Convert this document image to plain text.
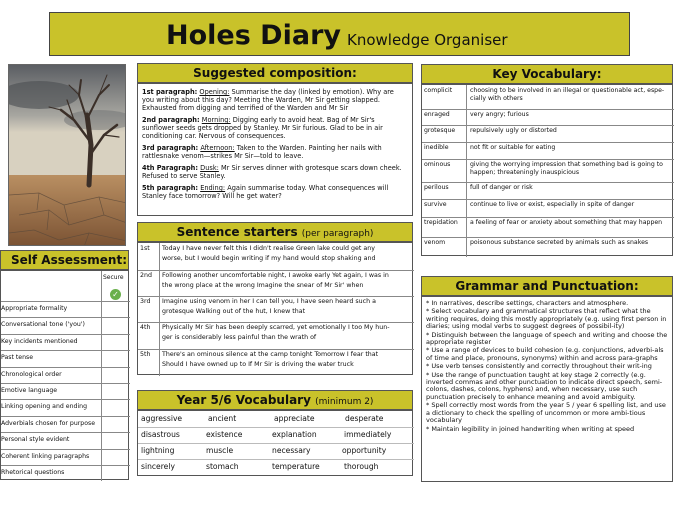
Holes Diary Knowledge Organiser
Suggested composition:

1st paragraph: Opening: Summarise the day (linked by emotion). Why are you writing about this day? Meeting the Warden, Mr Sir getting slapped. Exhausted from digging and terrified of the Warden and Mr Sir

2nd paragraph: Morning: Digging early to avoid heat. Bag of Mr Sir's sunflower seeds gets dropped by Stanley. Mr Sir furious. Glad to be in air conditioning car. Nervous of consequences.

3rd paragraph: Afternoon: Taken to the Warden. Painting her nails with rattlesnake venom—strikes Mr Sir—told to leave.

4th Paragraph: Dusk: Mr Sir serves dinner with grotesque scars down cheek. Refused to serve Stanley.

5th paragraph: Ending: Again summarise today. What consequences will Stanley face tomorrow? Will he get water?

Sentence starters (per paragraph)
1st	Today I have never felt this I didn't realise Green lake could get any
worse, but I would begin writing if my hand would stop shaking and
2nd	Following another uncomfortable night, I awoke early Yet again, I was in
the wrong place at the wrong Imagine the snear of Mr Sir' when
3rd	Imagine using venom in her I can tell you, I have seen heard such a
grotesque Walking out of the hut, I knew that
4th	Physically Mr Sir has been deeply scarred, yet emotionally I too My hun-
ger is considerably less painful than the wrath of
5th	There's an ominous silence at the camp tonight Tomorrow I fear that
Should I have owned up to If Mr Sir is driving the water truck
Year 5/6 Vocabulary (minimum 2)
aggressive	ancient	appreciate	desperate
disastrous	existence	explanation	immediately
lightning	muscle	necessary	opportunity
sincerely	stomach	temperature	thorough
Key Vocabulary:
complicit	choosing to be involved in an illegal or questionable act, espe-cially with others
enraged	very angry; furious
grotesque	repulsively ugly or distorted
inedible	not fit or suitable for eating
ominous	giving the worrying impression that something bad is going to happen; threateningly inauspicious
perilous	full of danger or risk
survive	continue to live or exist, especially in spite of danger
trepidation	a feeling of fear or anxiety about something that may happen
venom	poisonous substance secreted by animals such as snakes
Grammar and Punctuation:

* In narratives, describe settings, characters and atmosphere.

* Select vocabulary and grammatical structures that reflect what the writing requires, doing this mostly appropriately (e.g. using first person in diaries; using modal verbs to suggest degrees of possibil-ity)

* Distinguish between the language of speech and writing and choose the appropriate register

* Use a range of devices to build cohesion (e.g. conjunctions, adverbi-als of time and place, pronouns, synonyms) within and across para-graphs

* Use verb tenses consistently and correctly throughout their writ-ing

* Use the range of punctuation taught at key stage 2 correctly (e.g. inverted commas and other punctuation to indicate direct speech, semi-colons, dashes, colons, hyphens) and, when necessary, use such punctuation precisely to enhance meaning and avoid ambiguity.

* Spell correctly most words from the year 5 / year 6 spelling list, and use a dictionary to check the spelling of uncommon or more ambi-tious vocabulary

* Maintain legibility in joined handwriting when writing at speed

Self Assessment:
Secure
✓
Appropriate formality
Conversational tone ('you')
Key incidents mentioned
Past tense
Chronological order
Emotive language
Linking opening and ending
Adverbials chosen for purpose
Personal style evident
Coherent linking paragraphs
Rhetorical questions
